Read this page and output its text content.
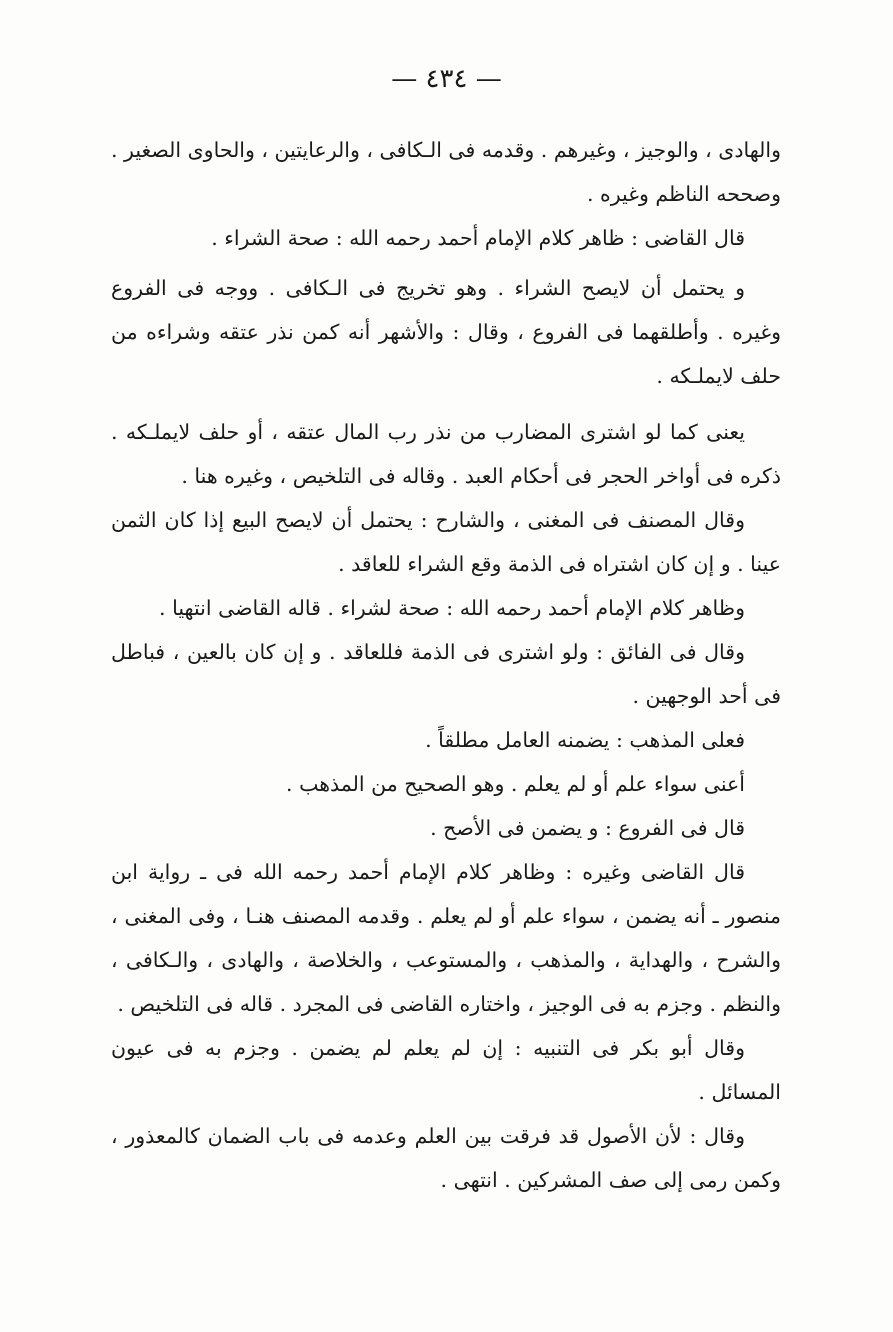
— ٤٣٤ —

والهادى ، والوجيز ، وغيرهم . وقدمه فى الـكافى ، والرعايتين ، والحاوى الصغير . وصححه الناظم وغيره .

قال القاضى : ظاهر كلام الإمام أحمد رحمه الله : صحة الشراء .

و يحتمل أن لايصح الشراء . وهو تخريج فى الـكافى . ووجه فى الفروع وغيره . وأطلقهما فى الفروع ، وقال : والأشهر أنه كمن نذر عتقه وشراءه من حلف لايملـكه .

يعنى كما لو اشترى المضارب من نذر رب المال عتقه ، أو حلف لايملـكه . ذكره فى أواخر الحجر فى أحكام العبد . وقاله فى التلخيص ، وغيره هنا .

وقال المصنف فى المغنى ، والشارح : يحتمل أن لايصح البيع إذا كان الثمن عينا . و إن كان اشتراه فى الذمة وقع الشراء للعاقد .

وظاهر كلام الإمام أحمد رحمه الله : صحة لشراء . قاله القاضى انتهيا .

وقال فى الفائق : ولو اشترى فى الذمة فللعاقد . و إن كان بالعين ، فباطل فى أحد الوجهين .

فعلى المذهب : يضمنه العامل مطلقاً .

أعنى سواء علم أو لم يعلم . وهو الصحيح من المذهب .

قال فى الفروع : و يضمن فى الأصح .

قال القاضى وغيره : وظاهر كلام الإمام أحمد رحمه الله فى ـ رواية ابن منصور ـ أنه يضمن ، سواء علم أو لم يعلم . وقدمه المصنف هنـا ، وفى المغنى ، والشرح ، والهداية ، والمذهب ، والمستوعب ، والخلاصة ، والهادى ، والـكافى ، والنظم . وجزم به فى الوجيز ، واختاره القاضى فى المجرد . قاله فى التلخيص .

وقال أبو بكر فى التنبيه : إن لم يعلم لم يضمن . وجزم به فى عيون المسائل .

وقال : لأن الأصول قد فرقت بين العلم وعدمه فى باب الضمان كالمعذور ، وكمن رمى إلى صف المشركين . انتهى .
